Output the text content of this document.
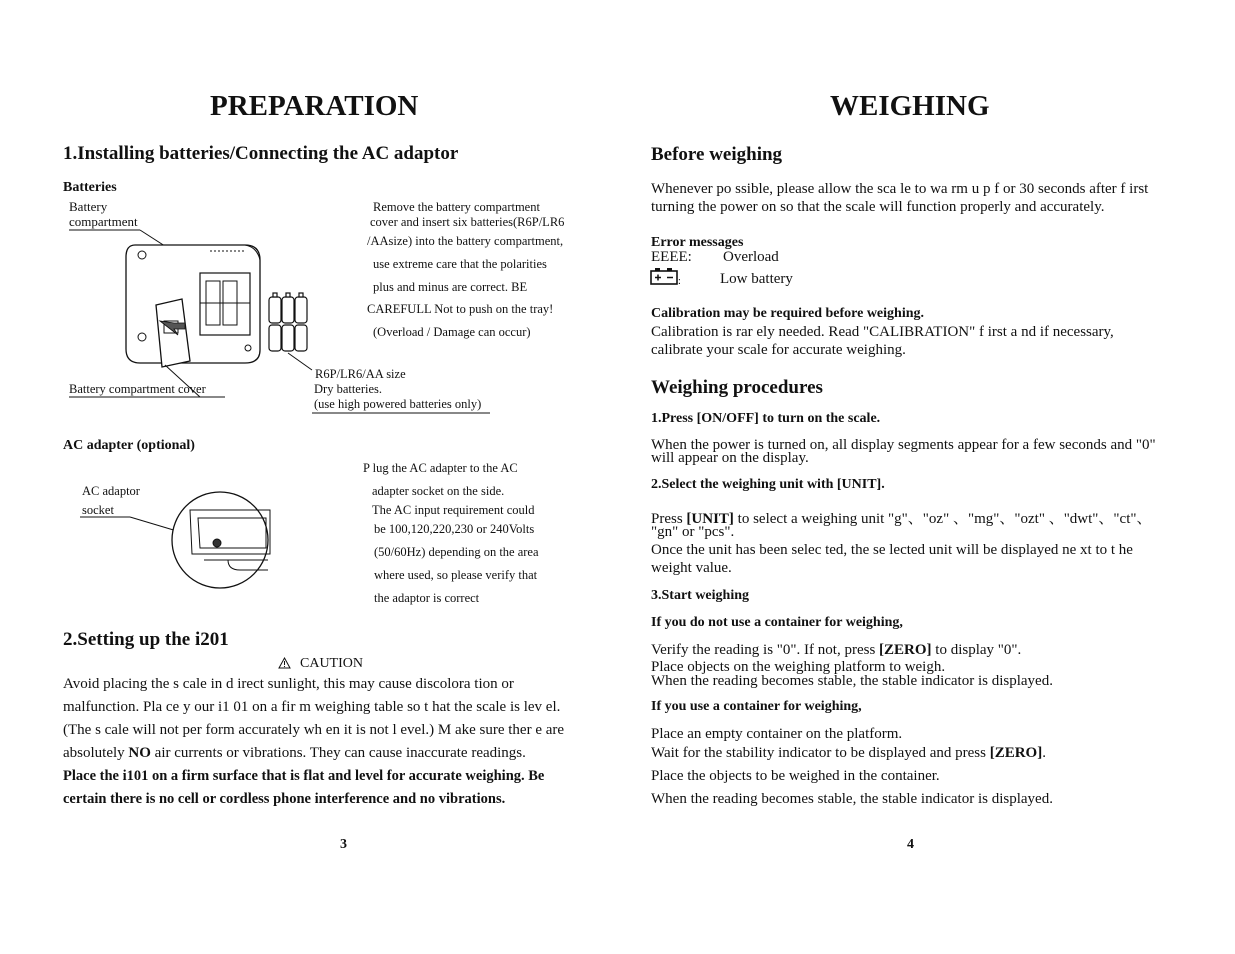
PREPARATION
1.Installing batteries/Connecting the AC adaptor
Batteries
Battery
compartment
Remove the battery compartment
cover and insert six batteries(R6P/LR6
/AAsize) into the battery compartment,
use extreme care that the polarities
plus and minus are correct. BE
CAREFULL Not to push on the tray!
(Overload / Damage can occur)
R6P/LR6/AA size
Dry batteries.
(use high powered batteries only)
Battery compartment cover
AC adapter (optional)
AC adaptor
socket
P lug the AC adapter to the AC
adapter socket on the side.
The AC input requirement could
be 100,120,220,230 or 240Volts
(50/60Hz) depending on the area
where used, so please verify that
the adaptor is correct
2.Setting up the i201
CAUTION
Avoid placing the s cale in d irect sunlight, this may cause discolora tion or
malfunction. Pla ce y our i1 01 on a fir m weighing table so t hat the scale is lev el.
(The s cale will not per form accurately wh en it is not l evel.) M ake sure ther e are
absolutely NO air currents or vibrations. They can cause inaccurate readings.
Place the i101 on a firm surface that is flat and level for accurate weighing. Be
certain there is no cell or cordless phone interference and no vibrations.
3
WEIGHING
Before weighing
Whenever po ssible, please allow the sca le to wa rm u p f or 30 seconds after f irst
turning the power on so that the scale will function properly and accurately.
Error messages
EEEE: Overload
:	Low battery
Calibration may be required before weighing.
Calibration is rar ely needed. Read "CALIBRATION" f irst a nd if necessary,
calibrate your scale for accurate weighing.
Weighing procedures
1.Press [ON/OFF] to turn on the scale.
When the power is turned on, all display segments appear for a few seconds and "0"
will appear on the display.
2.Select the weighing unit with [UNIT].
Press [UNIT] to select a weighing unit "g"、"oz" 、"mg"、"ozt" 、"dwt"、"ct"、
"gn" or "pcs".
Once the unit has been selec ted, the se lected unit will be displayed ne xt to t he
weight value.
3.Start weighing
If you do not use a container for weighing,
Verify the reading is "0". If not, press [ZERO] to display "0".
Place objects on the weighing platform to weigh.
When the reading becomes stable, the stable indicator is displayed.
If you use a container for weighing,
Place an empty container on the platform.
Wait for the stability indicator to be displayed and press [ZERO].
Place the objects to be weighed in the container.
When the reading becomes stable, the stable indicator is displayed.
4
